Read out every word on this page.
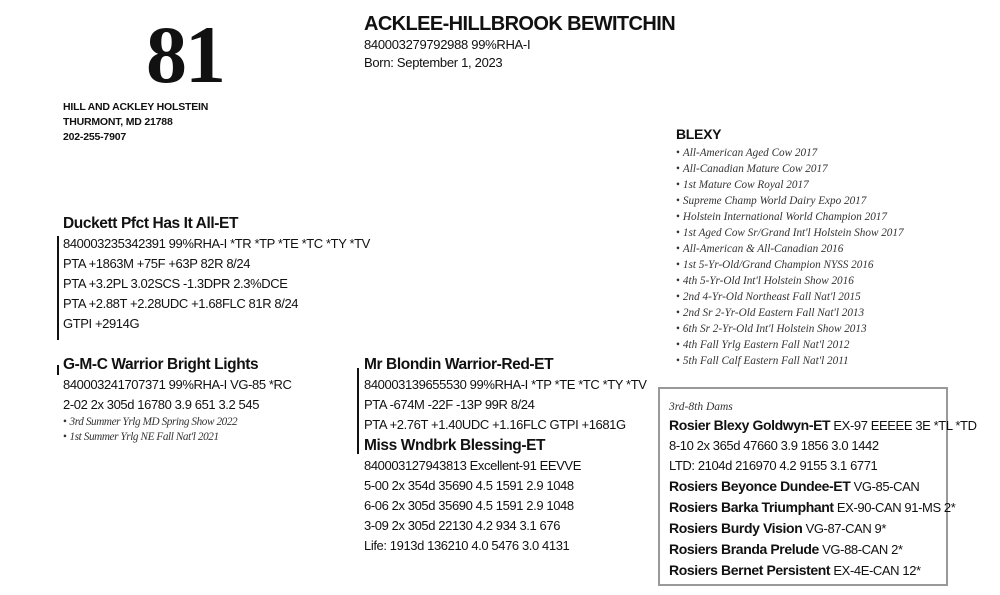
81
HILL AND ACKLEY HOLSTEIN
THURMONT, MD 21788
202-255-7907
ACKLEE-HILLBROOK BEWITCHIN
840003279792988 99%RHA-I
Born: September 1, 2023
BLEXY
• All-American Aged Cow 2017
• All-Canadian Mature Cow 2017
• 1st Mature Cow Royal 2017
• Supreme Champ World Dairy Expo 2017
• Holstein International World Champion 2017
• 1st Aged Cow Sr/Grand Int'l Holstein Show 2017
• All-American & All-Canadian 2016
• 1st 5-Yr-Old/Grand Champion NYSS 2016
• 4th 5-Yr-Old Int'l Holstein Show 2016
• 2nd 4-Yr-Old Northeast Fall Nat'l 2015
• 2nd Sr 2-Yr-Old Eastern Fall Nat'l 2013
• 6th Sr 2-Yr-Old Int'l Holstein Show 2013
• 4th Fall Yrlg Eastern Fall Nat'l 2012
• 5th Fall Calf Eastern Fall Nat'l 2011
Duckett Pfct Has It All-ET
840003235342391 99%RHA-I *TR *TP *TE *TC *TY *TV
PTA +1863M +75F +63P 82R 8/24
PTA +3.2PL 3.02SCS -1.3DPR 2.3%DCE
PTA +2.88T +2.28UDC +1.68FLC 81R 8/24
GTPI +2914G
G-M-C Warrior Bright Lights
840003241707371 99%RHA-I VG-85 *RC
2-02 2x 305d 16780 3.9 651 3.2 545
• 3rd Summer Yrlg MD Spring Show 2022
• 1st Summer Yrlg NE Fall Nat'l 2021
Mr Blondin Warrior-Red-ET
840003139655530 99%RHA-I *TP *TE *TC *TY *TV
PTA -674M -22F -13P 99R 8/24
PTA +2.76T +1.40UDC +1.16FLC GTPI +1681G
Miss Wndbrk Blessing-ET
840003127943813 Excellent-91 EEVVE
5-00 2x 354d 35690 4.5 1591 2.9 1048
6-06 2x 305d 35690 4.5 1591 2.9 1048
3-09 2x 305d 22130 4.2 934 3.1 676
Life: 1913d 136210 4.0 5476 3.0 4131
3rd-8th Dams
Rosier Blexy Goldwyn-ET EX-97 EEEEE 3E *TL *TD
8-10 2x 365d 47660 3.9 1856 3.0 1442
LTD: 2104d 216970 4.2 9155 3.1 6771
Rosiers Beyonce Dundee-ET VG-85-CAN
Rosiers Barka Triumphant EX-90-CAN 91-MS 2*
Rosiers Burdy Vision VG-87-CAN 9*
Rosiers Branda Prelude VG-88-CAN 2*
Rosiers Bernet Persistent EX-4E-CAN 12*
